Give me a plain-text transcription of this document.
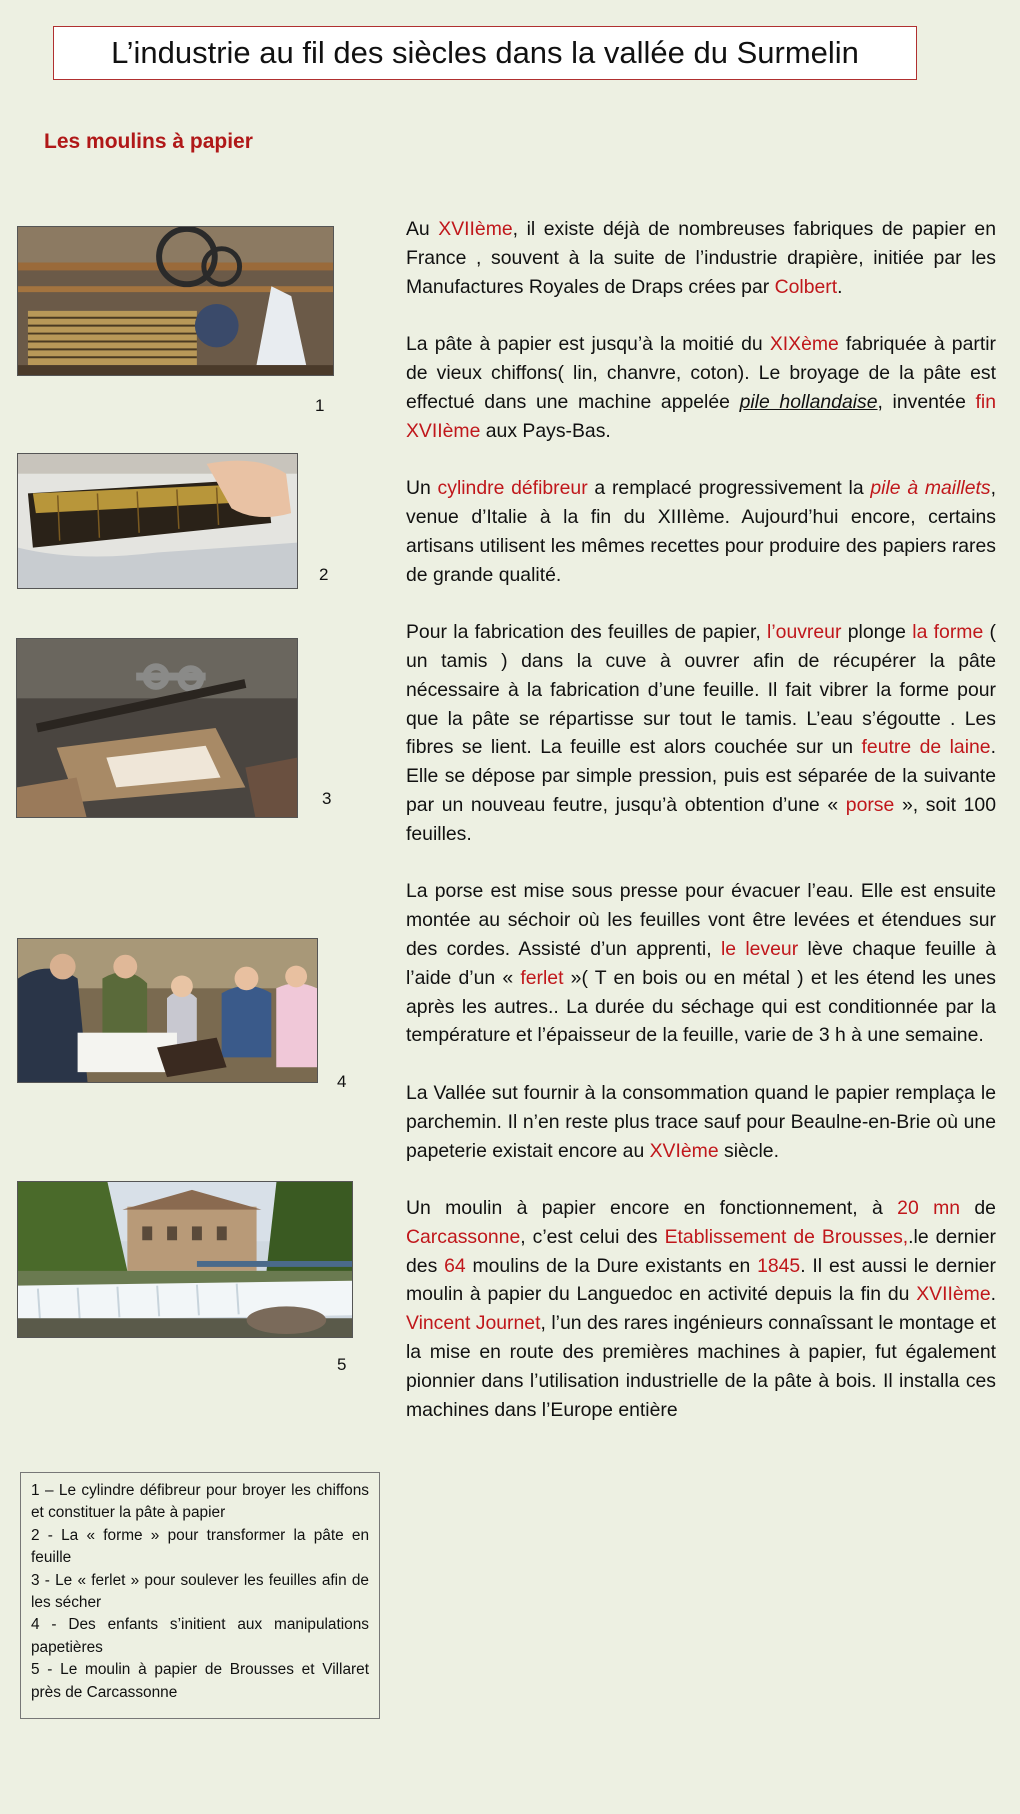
L’industrie au fil des siècles dans la vallée du Surmelin
Les moulins à papier
1
2
3
4
5

Au XVIIème, il existe déjà de nombreuses fabriques de papier en France , souvent à la suite de l’industrie drapière, initiée par les Manufactures Royales de Draps crées par Colbert.

La pâte à papier est jusqu’à la moitié du XIXème fabriquée à partir de vieux chiffons( lin, chanvre, coton). Le broyage de la pâte est effectué dans une machine appelée pile hollandaise, inventée fin XVIIème aux Pays-Bas.

Un cylindre défibreur a remplacé progressivement la pile à maillets, venue d’Italie à la fin du XIIIème. Aujourd’hui encore, certains artisans utilisent les mêmes recettes pour produire des papiers rares de grande qualité.

Pour la fabrication des feuilles de papier, l’ouvreur plonge la forme ( un tamis ) dans la cuve à ouvrer afin de récupérer la pâte nécessaire à la fabrication d’une feuille. Il fait vibrer la forme pour que la pâte se répartisse sur tout le tamis. L’eau s’égoutte . Les fibres se lient. La feuille est alors couchée sur un feutre de laine. Elle se dépose par simple pression, puis est séparée de la suivante par un nouveau feutre, jusqu’à obtention d’une « porse », soit 100 feuilles.

La porse est mise sous presse pour évacuer l’eau. Elle est ensuite montée au séchoir où les feuilles vont être levées et étendues sur des cordes. Assisté d’un apprenti, le leveur lève chaque feuille à l’aide d’un « ferlet »( T en bois ou en métal ) et les étend les unes après les autres.. La durée du séchage qui est conditionnée par la température et l’épaisseur de la feuille, varie de 3 h à une semaine.

La Vallée sut fournir à la consommation quand le papier remplaça le parchemin. Il n’en reste plus trace sauf pour Beaulne-en-Brie où une papeterie existait encore au XVIème siècle.

Un moulin à papier encore en fonctionnement, à 20 mn de Carcassonne, c’est celui des Etablissement de Brousses,.le dernier des 64 moulins de la Dure existants en 1845. Il est aussi le dernier moulin à papier du Languedoc en activité depuis la fin du XVIIème. Vincent Journet, l’un des rares ingénieurs connaîssant le montage et la mise en route des premières machines à papier, fut également pionnier dans l’utilisation industrielle de la pâte à bois. Il installa ces machines dans l’Europe entière

1 – Le cylindre défibreur pour broyer les chiffons et constituer la pâte à papier
2 - La « forme » pour transformer la pâte en feuille
3 - Le « ferlet » pour soulever les feuilles afin de les sécher
4 - Des enfants s’initient aux manipulations papetières
5 - Le moulin à papier de Brousses et Villaret près de Carcassonne
